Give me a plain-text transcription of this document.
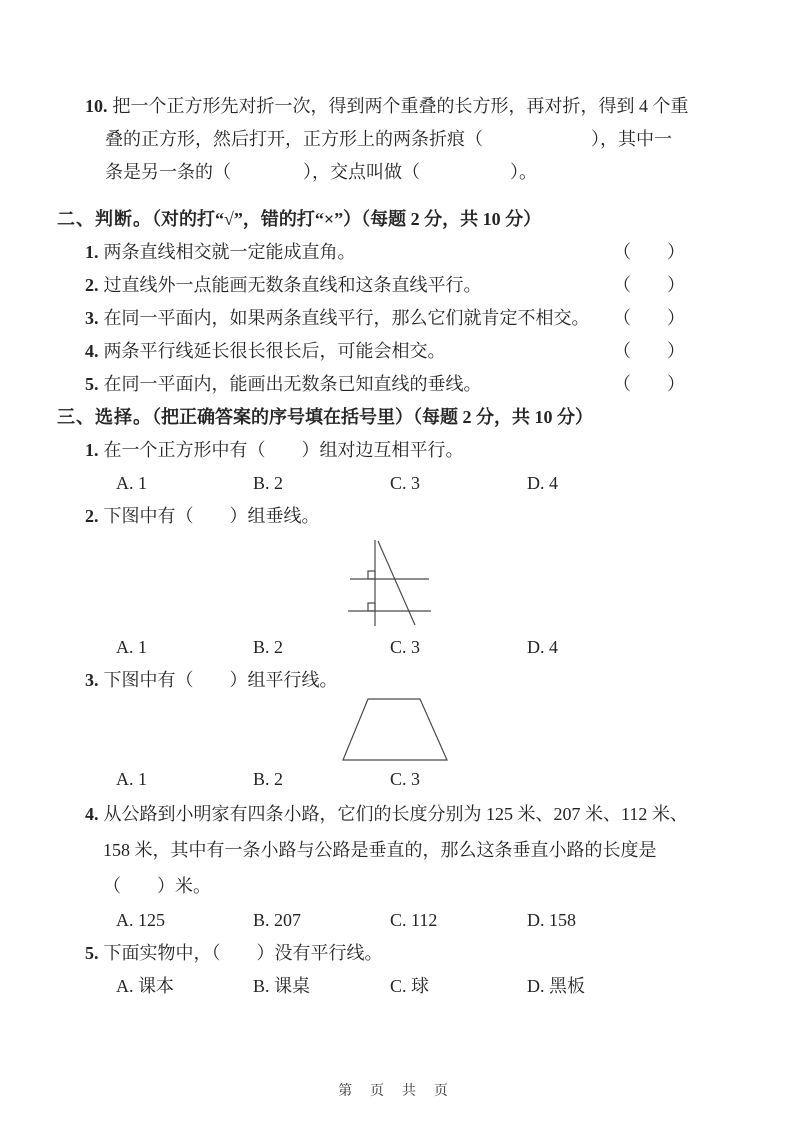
10. 把一个正方形先对折一次，得到两个重叠的长方形，再对折，得到 4 个重

叠的正方形，然后打开，正方形上的两条折痕（　　　　　　），其中一

条是另一条的（　　　　），交点叫做（　　　　　）。

二、判断。（对的打“√”，错的打“×”）（每题 2 分，共 10 分）
1. 两条直线相交就一定能成直角。	（　　）
2. 过直线外一点能画无数条直线和这条直线平行。	（　　）
3. 在同一平面内，如果两条直线平行，那么它们就肯定不相交。 （　　）
4. 两条平行线延长很长很长后，可能会相交。	（　　）
5. 在同一平面内，能画出无数条已知直线的垂线。	（　　）
三、选择。（把正确答案的序号填在括号里）（每题 2 分，共 10 分）

1. 在一个正方形中有（　　）组对边互相平行。

A. 1	B. 2	C. 3	D. 4

2. 下图中有（　　）组垂线。

A. 1	B. 2	C. 3	D. 4

3. 下图中有（　　）组平行线。

A. 1	B. 2	C. 3

4. 从公路到小明家有四条小路，它们的长度分别为 125 米、207 米、112 米、

158 米，其中有一条小路与公路是垂直的，那么这条垂直小路的长度是

（　　）米。

A. 125	B. 207	C. 112	D. 158

5. 下面实物中，（　　）没有平行线。

A. 课本	B. 课桌	C. 球	D. 黑板
第 页 共 页
